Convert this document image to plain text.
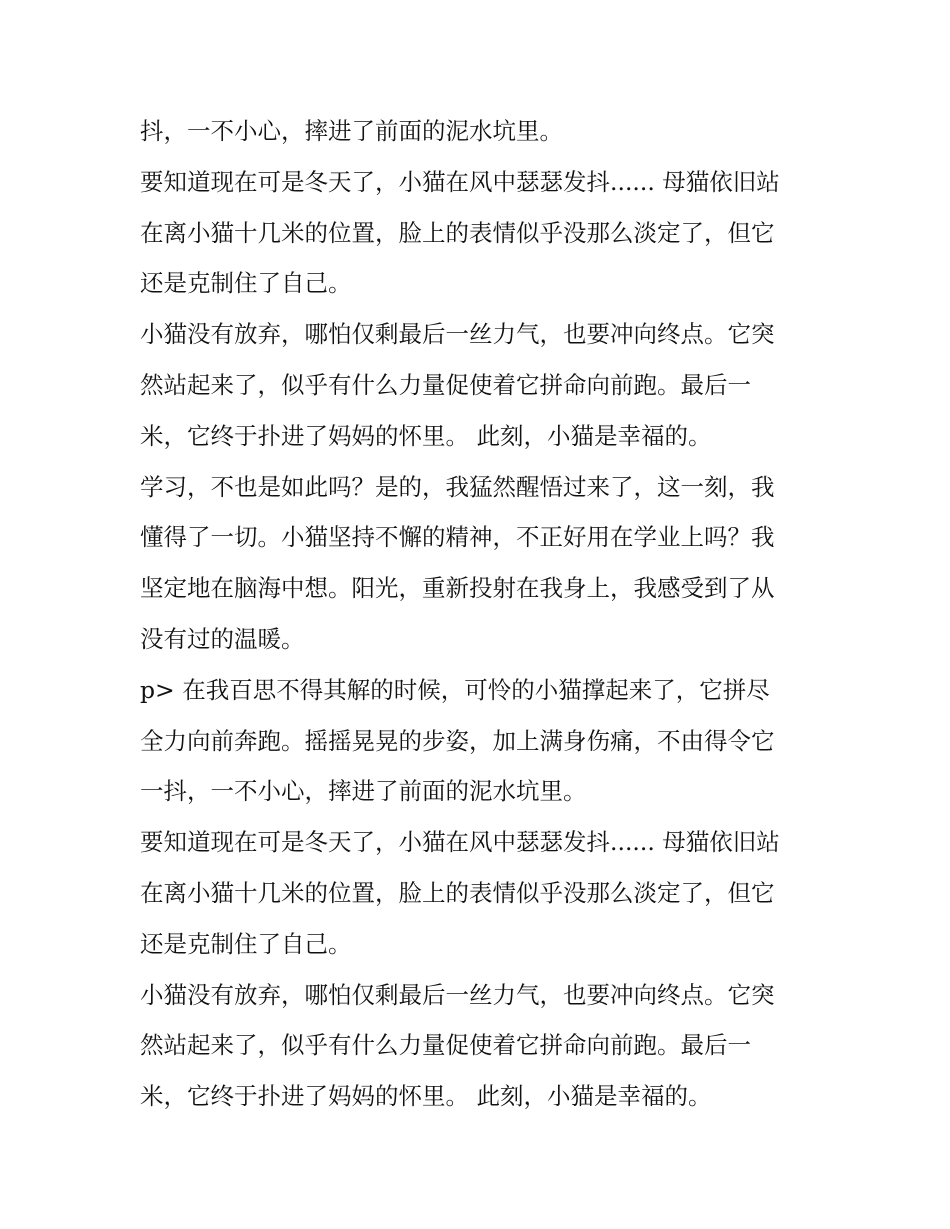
抖，一不小心，摔进了前面的泥水坑里。
要知道现在可是冬天了，小猫在风中瑟瑟发抖...... 母猫依旧站
在离小猫十几米的位置，脸上的表情似乎没那么淡定了，但它
还是克制住了自己。
小猫没有放弃，哪怕仅剩最后一丝力气，也要冲向终点。它突
然站起来了，似乎有什么力量促使着它拼命向前跑。最后一
米，它终于扑进了妈妈的怀里。 此刻，小猫是幸福的。
学习，不也是如此吗？是的，我猛然醒悟过来了，这一刻，我
懂得了一切。小猫坚持不懈的精神，不正好用在学业上吗？我
坚定地在脑海中想。阳光，重新投射在我身上，我感受到了从
没有过的温暖。
p> 在我百思不得其解的时候，可怜的小猫撑起来了，它拼尽
全力向前奔跑。摇摇晃晃的步姿，加上满身伤痛，不由得令它
一抖，一不小心，摔进了前面的泥水坑里。
要知道现在可是冬天了，小猫在风中瑟瑟发抖...... 母猫依旧站
在离小猫十几米的位置，脸上的表情似乎没那么淡定了，但它
还是克制住了自己。
小猫没有放弃，哪怕仅剩最后一丝力气，也要冲向终点。它突
然站起来了，似乎有什么力量促使着它拼命向前跑。最后一
米，它终于扑进了妈妈的怀里。 此刻，小猫是幸福的。
